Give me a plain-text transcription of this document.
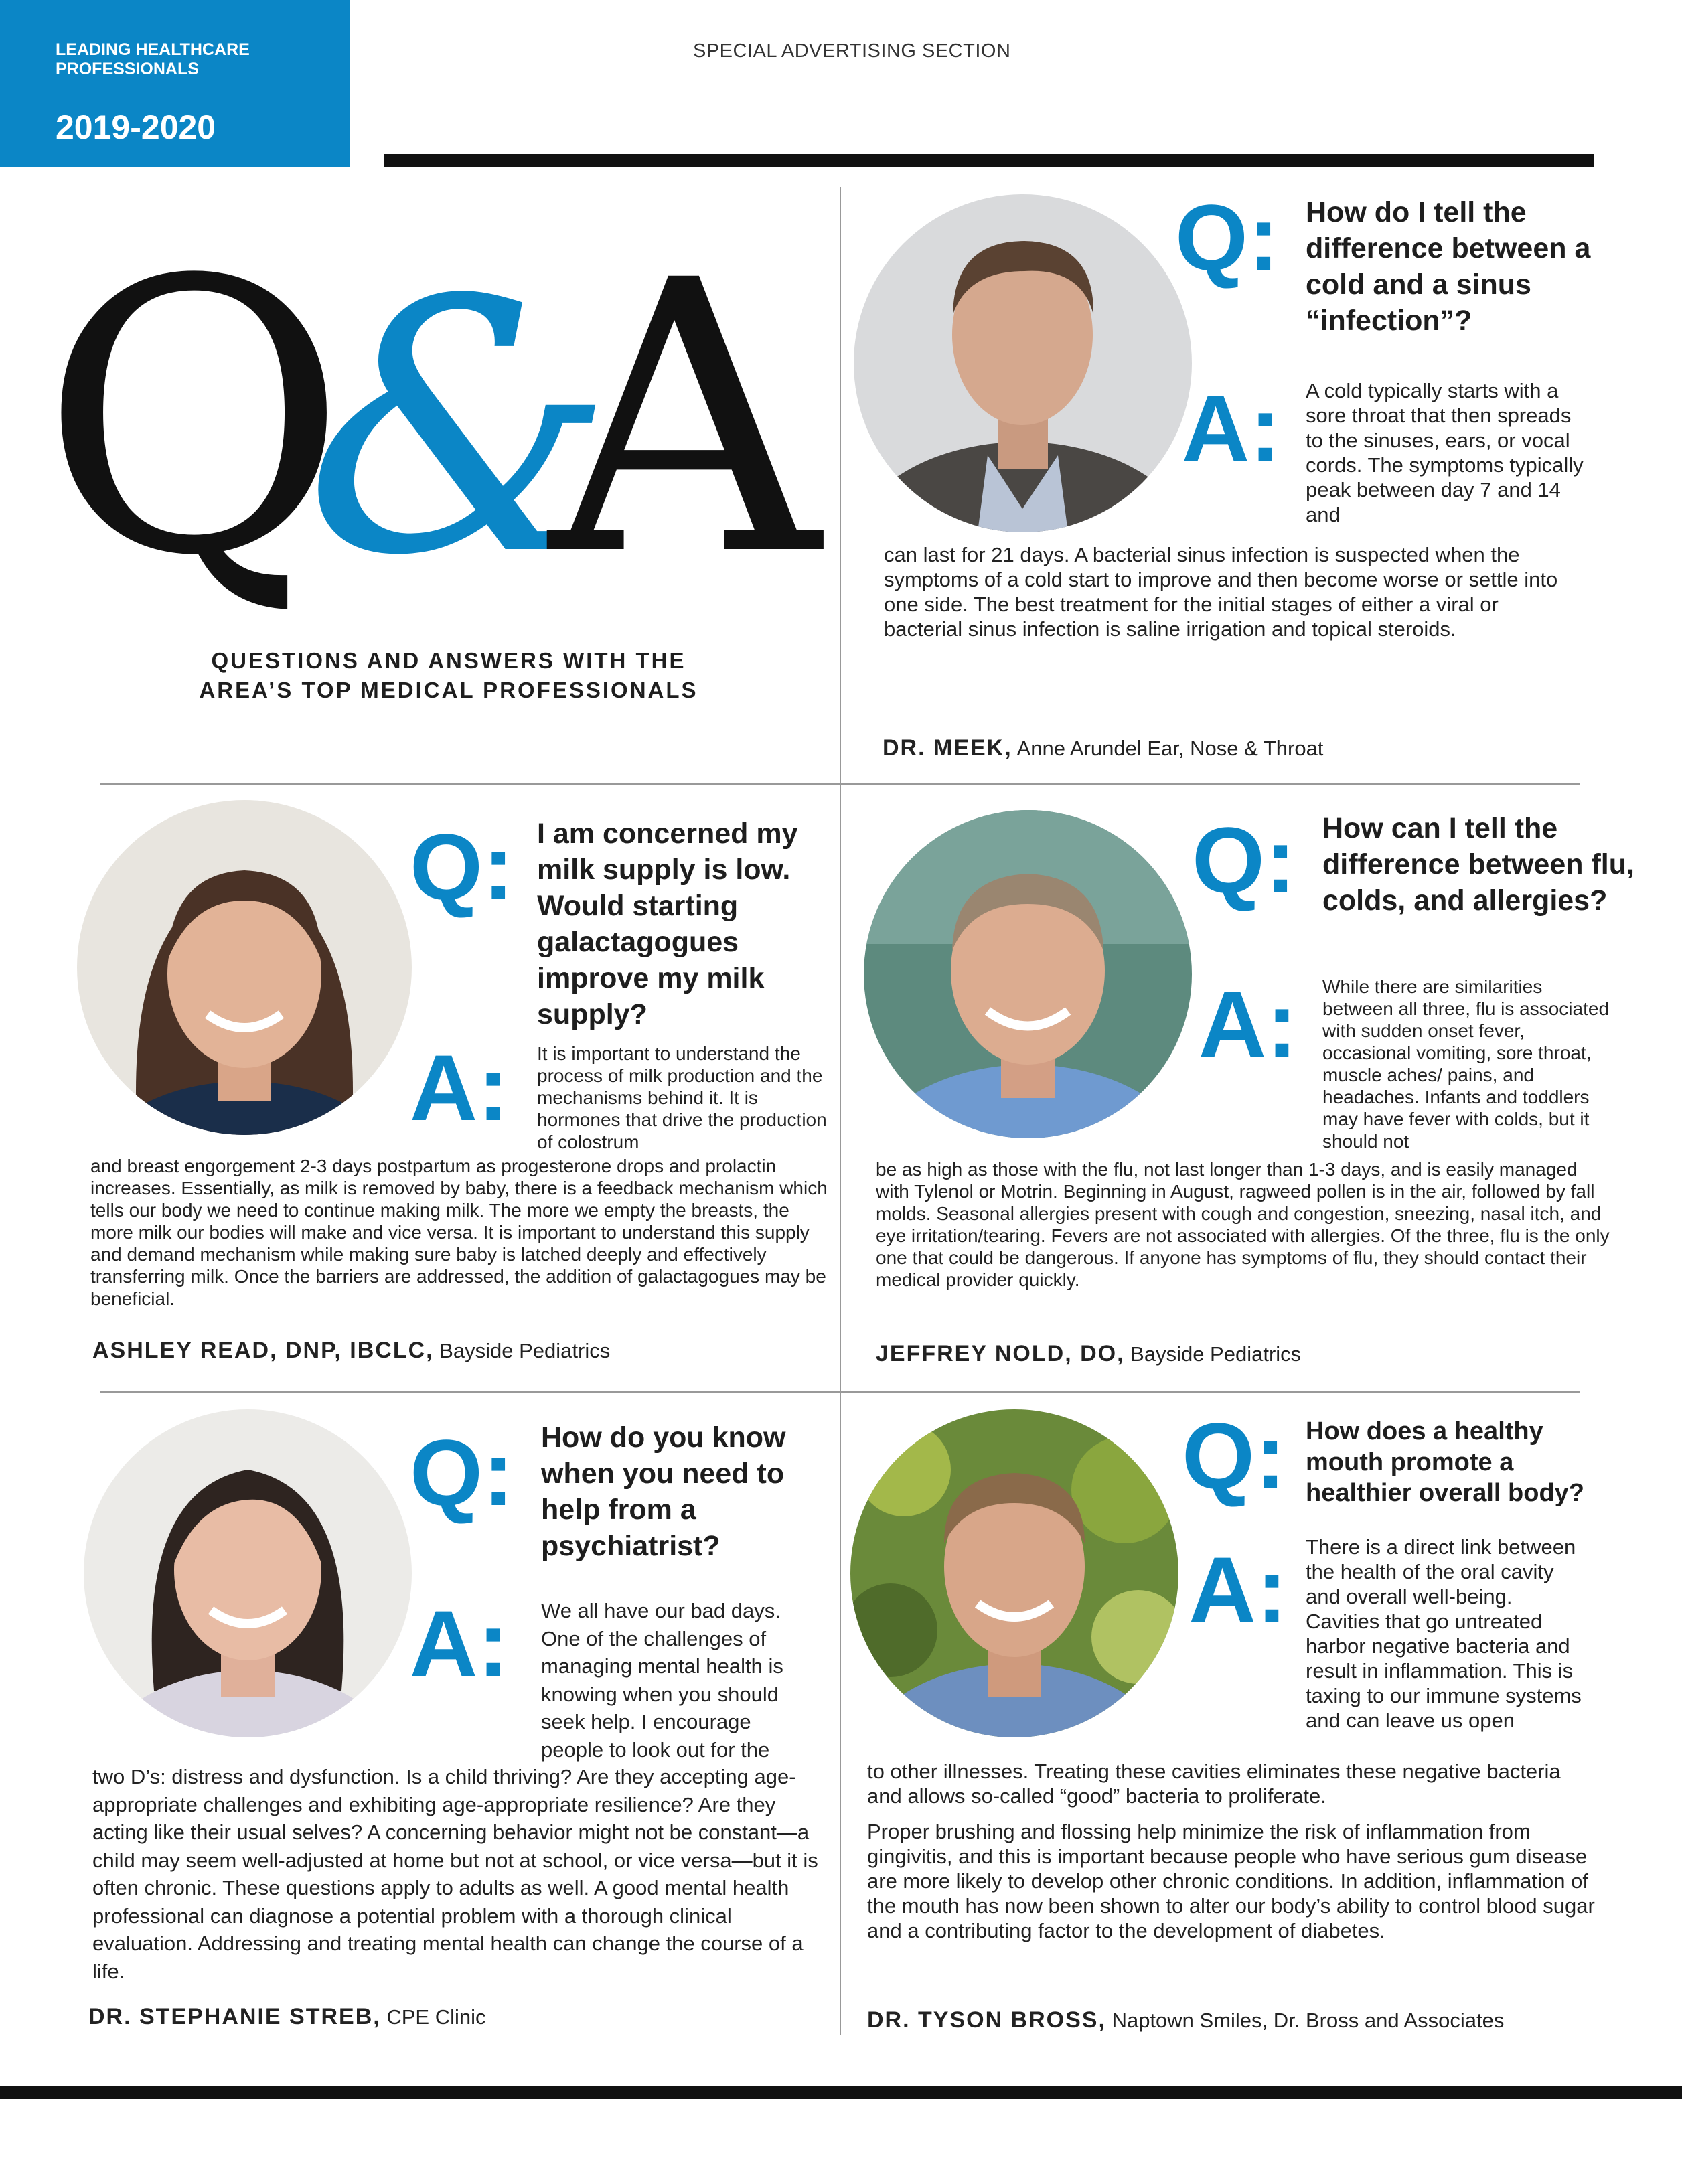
LEADING HEALTHCARE PROFESSIONALS
2019-2020
SPECIAL ADVERTISING SECTION
Q
&
A
QUESTIONS AND ANSWERS WITH THE
AREA’S TOP MEDICAL PROFESSIONALS
Q: How do I tell the difference between a cold and a sinus “infection”?
A: A cold typically starts with a sore throat that then spreads to the sinuses, ears, or vocal cords. The symptoms typically peak between day 7 and 14 and
can last for 21 days. A bacterial sinus infection is suspected when the symptoms of a cold start to improve and then become worse or settle into one side. The best treatment for the initial stages of either a viral or bacterial sinus infection is saline irrigation and topical steroids.
DR. MEEK, Anne Arundel Ear, Nose & Throat
Q: I am concerned my milk supply is low. Would starting galactagogues improve my milk supply?
A: It is important to understand the process of milk production and the mechanisms behind it. It is hormones that drive the production of colostrum
and breast engorgement 2-3 days postpartum as progesterone drops and prolactin increases. Essentially, as milk is removed by baby, there is a feedback mechanism which tells our body we need to continue making milk. The more we empty the breasts, the more milk our bodies will make and vice versa. It is important to understand this supply and demand mechanism while making sure baby is latched deeply and effectively transferring milk. Once the barriers are addressed, the addition of galactagogues may be beneficial.
ASHLEY READ, DNP, IBCLC, Bayside Pediatrics
Q: How can I tell the difference between flu, colds, and allergies?
A: While there are similarities between all three, flu is associated with sudden onset fever, occasional vomiting, sore throat, muscle aches/ pains, and headaches. Infants and toddlers may have fever with colds, but it should not
be as high as those with the flu, not last longer than 1-3 days, and is easily managed with Tylenol or Motrin. Beginning in August, ragweed pollen is in the air, followed by fall molds. Seasonal allergies present with cough and congestion, sneezing, nasal itch, and eye irritation/tearing. Fevers are not associated with allergies. Of the three, flu is the only one that could be dangerous. If anyone has symptoms of flu, they should contact their medical provider quickly.
JEFFREY NOLD, DO, Bayside Pediatrics
Q: How do you know when you need to help from a psychiatrist?
A: We all have our bad days. One of the challenges of managing mental health is knowing when you should seek help. I encourage people to look out for the
two D’s: distress and dysfunction. Is a child thriving? Are they accepting age-appropriate challenges and exhibiting age-appropriate resilience? Are they acting like their usual selves? A concerning behavior might not be constant—a child may seem well-adjusted at home but not at school, or vice versa—but it is often chronic. These questions apply to adults as well. A good mental health professional can diagnose a potential problem with a thorough clinical evaluation. Addressing and treating mental health can change the course of a life.
DR. STEPHANIE STREB, CPE Clinic
Q: How does a healthy mouth promote a healthier overall body?
A: There is a direct link between the health of the oral cavity and overall well-being. Cavities that go untreated harbor negative bacteria and result in inflammation. This is taxing to our immune systems and can leave us open

to other illnesses. Treating these cavities eliminates these negative bacteria and allows so-called “good” bacteria to proliferate.

Proper brushing and flossing help minimize the risk of inflammation from gingivitis, and this is important because people who have serious gum disease are more likely to develop other chronic conditions. In addition, inflammation of the mouth has now been shown to alter our body’s ability to control blood sugar and a contributing factor to the development of diabetes.

DR. TYSON BROSS, Naptown Smiles, Dr. Bross and Associates
